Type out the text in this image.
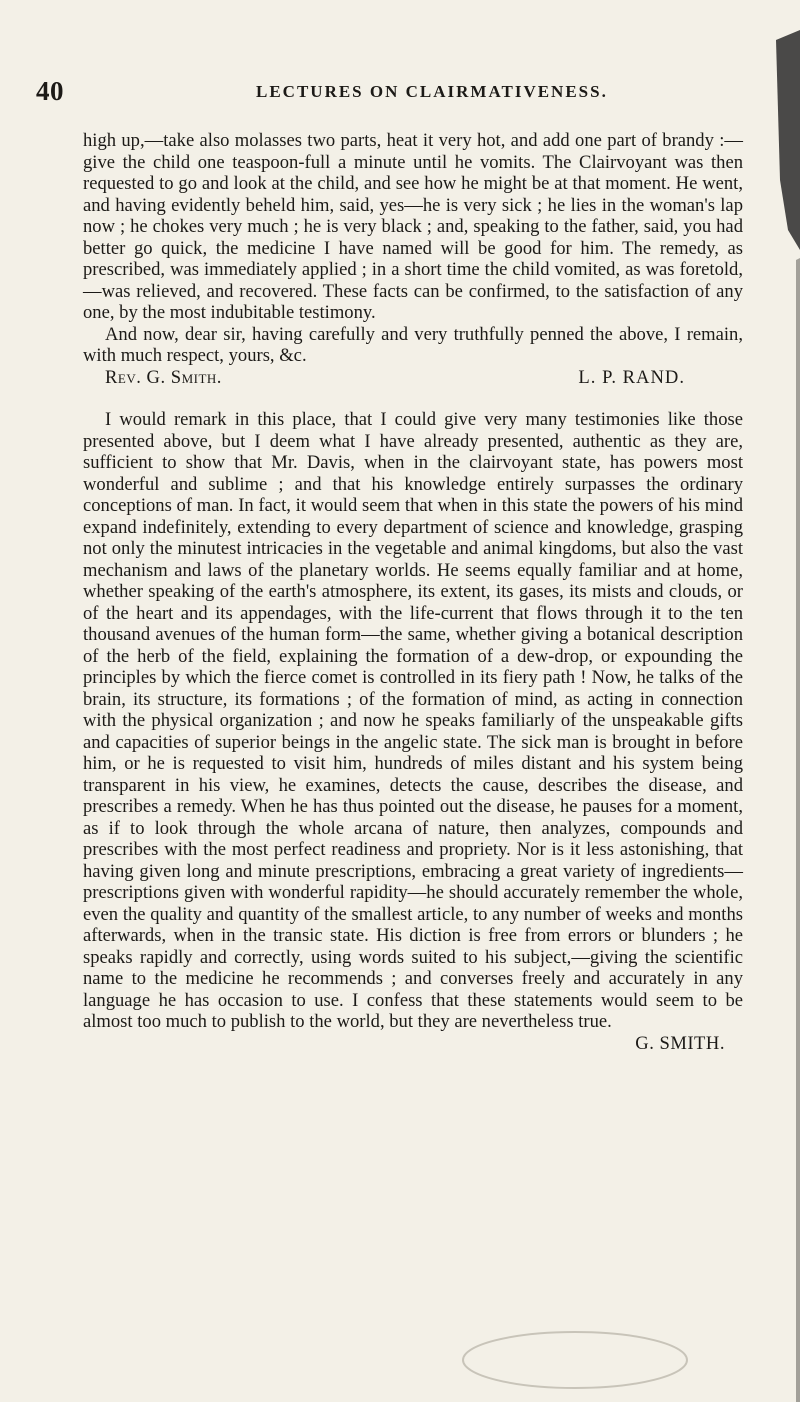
40	LECTURES ON CLAIRMATIVENESS.

high up,—take also molasses two parts, heat it very hot, and add one part of brandy :—give the child one teaspoon-full a minute until he vomits. The Clairvoyant was then requested to go and look at the child, and see how he might be at that moment. He went, and having evidently beheld him, said, yes—he is very sick ; he lies in the woman's lap now ; he chokes very much ; he is very black ; and, speaking to the father, said, you had better go quick, the medicine I have named will be good for him. The remedy, as prescribed, was immediately applied ; in a short time the child vomited, as was foretold,—was relieved, and recovered. These facts can be confirmed, to the satisfaction of any one, by the most indubitable testimony.

And now, dear sir, having carefully and very truthfully penned the above, I remain, with much respect, yours, &c.

Rev. G. Smith.	L. P. RAND.

I would remark in this place, that I could give very many testimonies like those presented above, but I deem what I have already presented, authentic as they are, sufficient to show that Mr. Davis, when in the clairvoyant state, has powers most wonderful and sublime ; and that his knowledge entirely surpasses the ordinary conceptions of man. In fact, it would seem that when in this state the powers of his mind expand indefinitely, extending to every department of science and knowledge, grasping not only the minutest intricacies in the vegetable and animal kingdoms, but also the vast mechanism and laws of the planetary worlds. He seems equally familiar and at home, whether speaking of the earth's atmosphere, its extent, its gases, its mists and clouds, or of the heart and its appendages, with the life-current that flows through it to the ten thousand avenues of the human form—the same, whether giving a botanical description of the herb of the field, explaining the formation of a dew-drop, or expounding the principles by which the fierce comet is controlled in its fiery path ! Now, he talks of the brain, its structure, its formations ; of the formation of mind, as acting in connection with the physical organization ; and now he speaks familiarly of the unspeakable gifts and capacities of superior beings in the angelic state. The sick man is brought in before him, or he is requested to visit him, hundreds of miles distant and his system being transparent in his view, he examines, detects the cause, describes the disease, and prescribes a remedy. When he has thus pointed out the disease, he pauses for a moment, as if to look through the whole arcana of nature, then analyzes, compounds and prescribes with the most perfect readiness and propriety. Nor is it less astonishing, that having given long and minute prescriptions, embracing a great variety of ingredients—prescriptions given with wonderful rapidity—he should accurately remember the whole, even the quality and quantity of the smallest article, to any number of weeks and months afterwards, when in the transic state. His diction is free from errors or blunders ; he speaks rapidly and correctly, using words suited to his subject,—giving the scientific name to the medicine he recommends ; and converses freely and accurately in any language he has occasion to use. I confess that these statements would seem to be almost too much to publish to the world, but they are nevertheless true.

G. SMITH.
